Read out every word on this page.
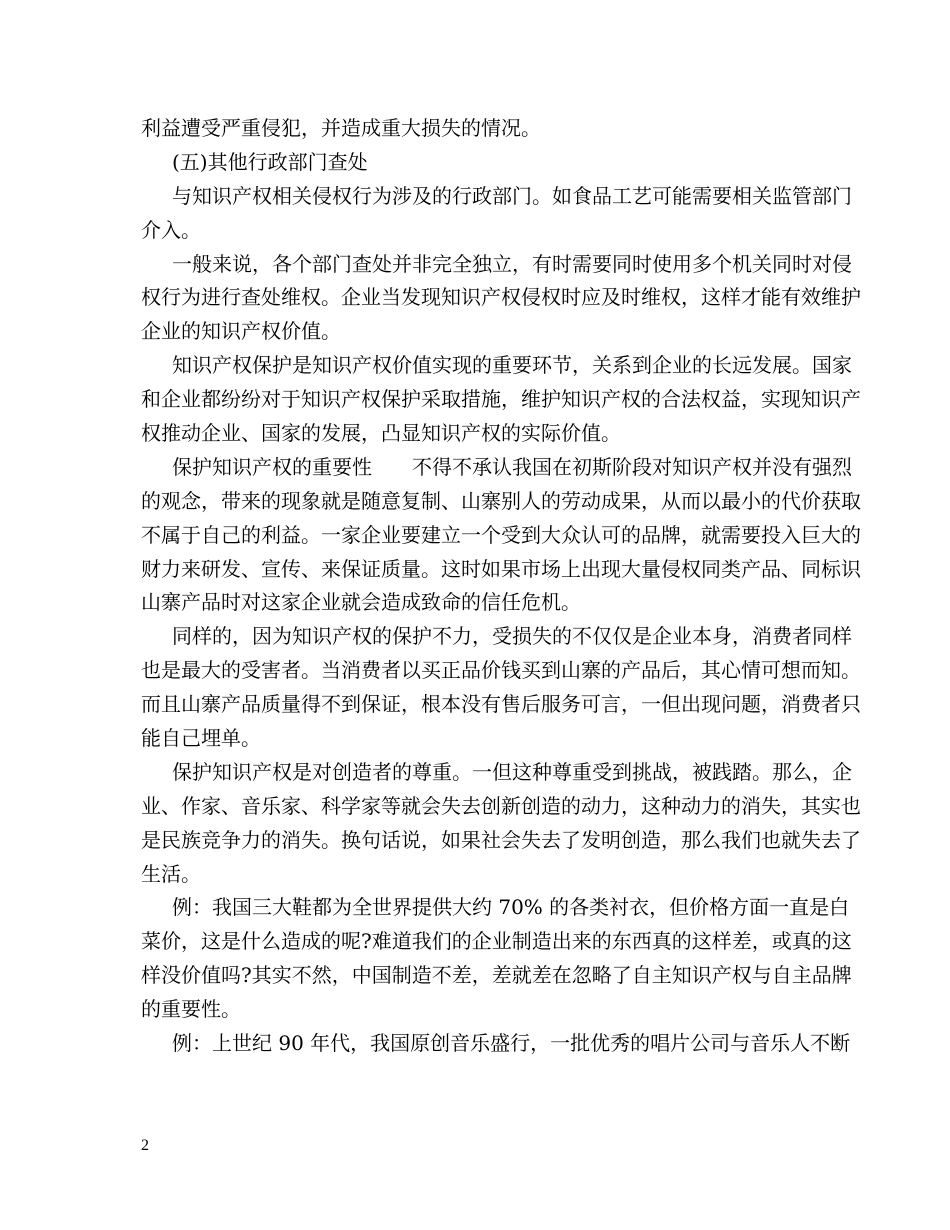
利益遭受严重侵犯，并造成重大损失的情况。
(五)其他行政部门查处
与知识产权相关侵权行为涉及的行政部门。如食品工艺可能需要相关监管部门
介入。
一般来说，各个部门查处并非完全独立，有时需要同时使用多个机关同时对侵
权行为进行查处维权。企业当发现知识产权侵权时应及时维权，这样才能有效维护
企业的知识产权价值。
知识产权保护是知识产权价值实现的重要环节，关系到企业的长远发展。国家
和企业都纷纷对于知识产权保护采取措施，维护知识产权的合法权益，实现知识产
权推动企业、国家的发展，凸显知识产权的实际价值。
保护知识产权的重要性　　不得不承认我国在初斯阶段对知识产权并没有强烈
的观念，带来的现象就是随意复制、山寨别人的劳动成果，从而以最小的代价获取
不属于自己的利益。一家企业要建立一个受到大众认可的品牌，就需要投入巨大的
财力来研发、宣传、来保证质量。这时如果市场上出现大量侵权同类产品、同标识
山寨产品时对这家企业就会造成致命的信任危机。
同样的，因为知识产权的保护不力，受损失的不仅仅是企业本身，消费者同样
也是最大的受害者。当消费者以买正品价钱买到山寨的产品后，其心情可想而知。
而且山寨产品质量得不到保证，根本没有售后服务可言，一但出现问题，消费者只
能自己埋单。
保护知识产权是对创造者的尊重。一但这种尊重受到挑战，被践踏。那么，企
业、作家、音乐家、科学家等就会失去创新创造的动力，这种动力的消失，其实也
是民族竞争力的消失。换句话说，如果社会失去了发明创造，那么我们也就失去了
生活。
例：我国三大鞋都为全世界提供大约 70% 的各类衬衣，但价格方面一直是白
菜价，这是什么造成的呢?难道我们的企业制造出来的东西真的这样差，或真的这
样没价值吗?其实不然，中国制造不差，差就差在忽略了自主知识产权与自主品牌
的重要性。
例：上世纪 90 年代，我国原创音乐盛行，一批优秀的唱片公司与音乐人不断
2
